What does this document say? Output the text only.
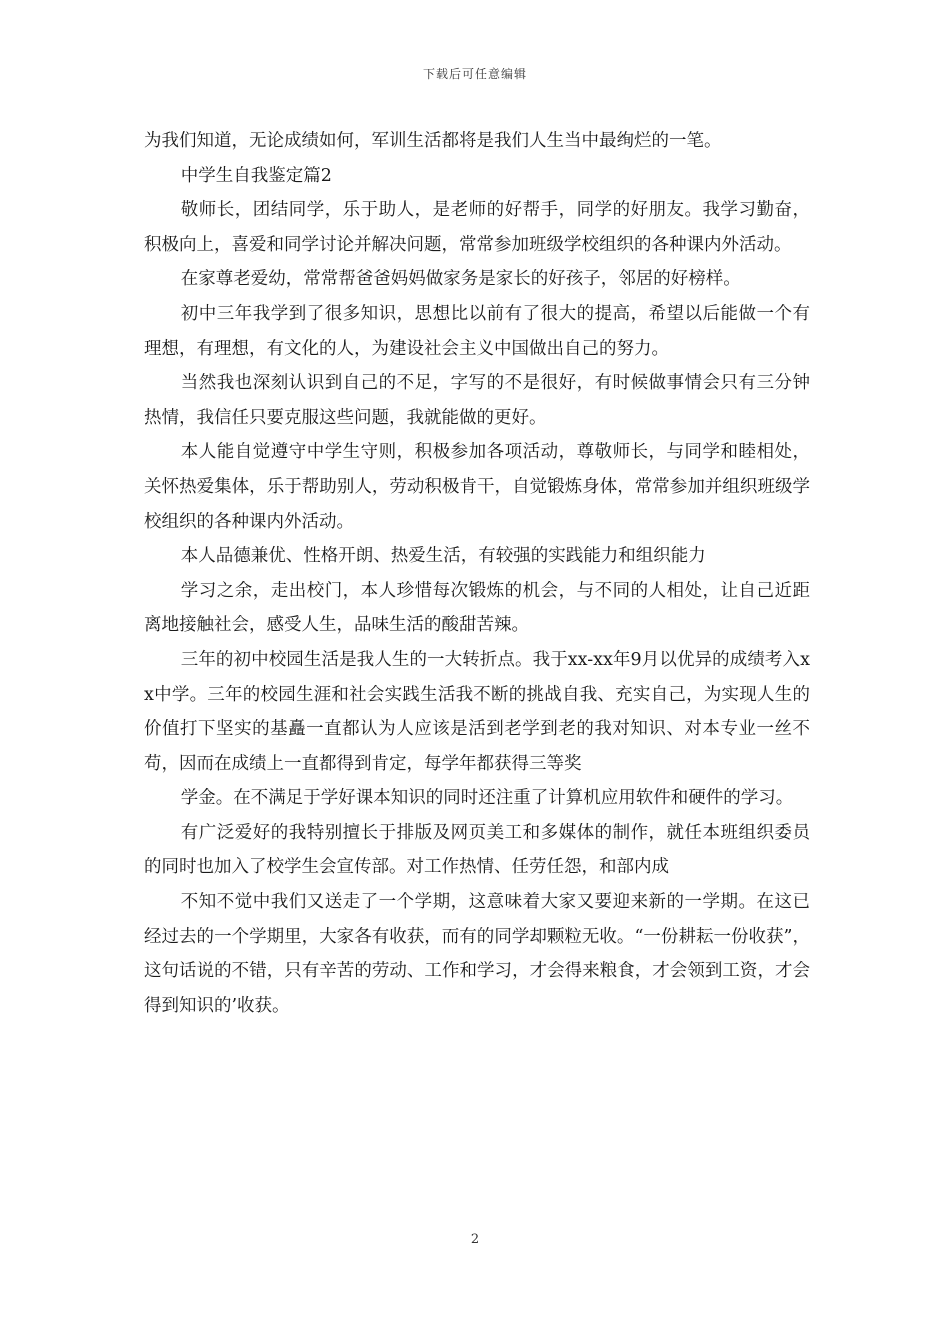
下载后可任意编辑

为我们知道，无论成绩如何，军训生活都将是我们人生当中最绚烂的一笔。

中学生自我鉴定篇2

敬师长，团结同学，乐于助人，是老师的好帮手，同学的好朋友。我学习勤奋，积极向上，喜爱和同学讨论并解决问题，常常参加班级学校组织的各种课内外活动。

在家尊老爱幼，常常帮爸爸妈妈做家务是家长的好孩子，邻居的好榜样。

初中三年我学到了很多知识，思想比以前有了很大的提高，希望以后能做一个有理想，有理想，有文化的人，为建设社会主义中国做出自己的努力。

当然我也深刻认识到自己的不足，字写的不是很好，有时候做事情会只有三分钟热情，我信任只要克服这些问题，我就能做的更好。

本人能自觉遵守中学生守则，积极参加各项活动，尊敬师长，与同学和睦相处，关怀热爱集体，乐于帮助别人，劳动积极肯干，自觉锻炼身体，常常参加并组织班级学校组织的各种课内外活动。

本人品德兼优、性格开朗、热爱生活，有较强的实践能力和组织能力

学习之余，走出校门，本人珍惜每次锻炼的机会，与不同的人相处，让自己近距离地接触社会，感受人生，品味生活的酸甜苦辣。

三年的初中校园生活是我人生的一大转折点。我于xx-xx年9月以优异的成绩考入xx中学。三年的校园生涯和社会实践生活我不断的挑战自我、充实自己，为实现人生的价值打下坚实的基矗一直都认为人应该是活到老学到老的我对知识、对本专业一丝不苟，因而在成绩上一直都得到肯定，每学年都获得三等奖

学金。在不满足于学好课本知识的同时还注重了计算机应用软件和硬件的学习。

有广泛爱好的我特别擅长于排版及网页美工和多媒体的制作，就任本班组织委员的同时也加入了校学生会宣传部。对工作热情、任劳任怨，和部内成

不知不觉中我们又送走了一个学期，这意味着大家又要迎来新的一学期。在这已经过去的一个学期里，大家各有收获，而有的同学却颗粒无收。“一份耕耘一份收获”，这句话说的不错，只有辛苦的劳动、工作和学习，才会得来粮食，才会领到工资，才会得到知识的’收获。

2
